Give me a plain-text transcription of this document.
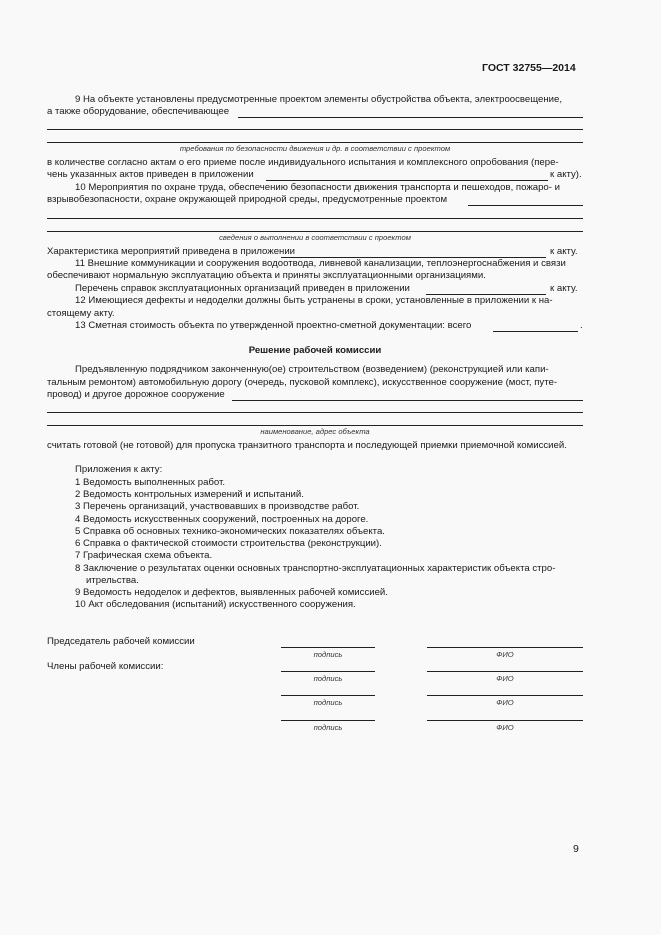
ГОСТ 32755—2014
9 На объекте установлены предусмотренные проектом элементы обустройства объекта, электроосвещение,
а также оборудование, обеспечивающее
требования по безопасности движения и др. в соответствии с проектом
в количестве согласно актам о его приеме после индивидуального испытания и комплексного опробования (пере-
чень указанных актов приведен в приложении	к акту).
10 Мероприятия по охране труда, обеспечению безопасности движения транспорта и пешеходов, пожаро- и
взрывобезопасности, охране окружающей природной среды, предусмотренные проектом
сведения о выполнении в соответствии с проектом
Характеристика мероприятий приведена в приложении	к акту.
11 Внешние коммуникации и сооружения водоотвода, ливневой канализации, теплоэнергоснабжения и связи
обеспечивают нормальную эксплуатацию объекта и приняты эксплуатационными организациями.
Перечень справок эксплуатационных организаций приведен в приложении	к акту.
12 Имеющиеся дефекты и недоделки должны быть устранены в сроки, установленные в приложении к на-
стоящему акту.
13 Сметная стоимость объекта по утвержденной проектно-сметной документации: всего	.
Решение рабочей комиссии
Предъявленную подрядчиком законченную(ое) строительством (возведением) (реконструкцией или капи-
тальным ремонтом) автомобильную дорогу (очередь, пусковой комплекс), искусственное сооружение (мост, путе-
провод) и другое дорожное сооружение
наименование, адрес объекта
считать готовой (не готовой) для пропуска транзитного транспорта и последующей приемки приемочной комиссией.
Приложения к акту:
1 Ведомость выполненных работ.
2 Ведомость контрольных измерений и испытаний.
3 Перечень организаций, участвовавших в производстве работ.
4 Ведомость искусственных сооружений, построенных на дороге.
5 Справка об основных технико-экономических показателях объекта.
6 Справка о фактической стоимости строительства (реконструкции).
7 Графическая схема объекта.
8 Заключение о результатах оценки основных транспортно-эксплуатационных характеристик объекта стро-
итрельства.
9 Ведомость недоделок и дефектов, выявленных рабочей комиссией.
10 Акт обследования (испытаний) искусственного сооружения.
Председатель рабочей комиссии
Члены рабочей комиссии:
подпись	ФИО
подпись	ФИО
подпись	ФИО
подпись	ФИО
9
